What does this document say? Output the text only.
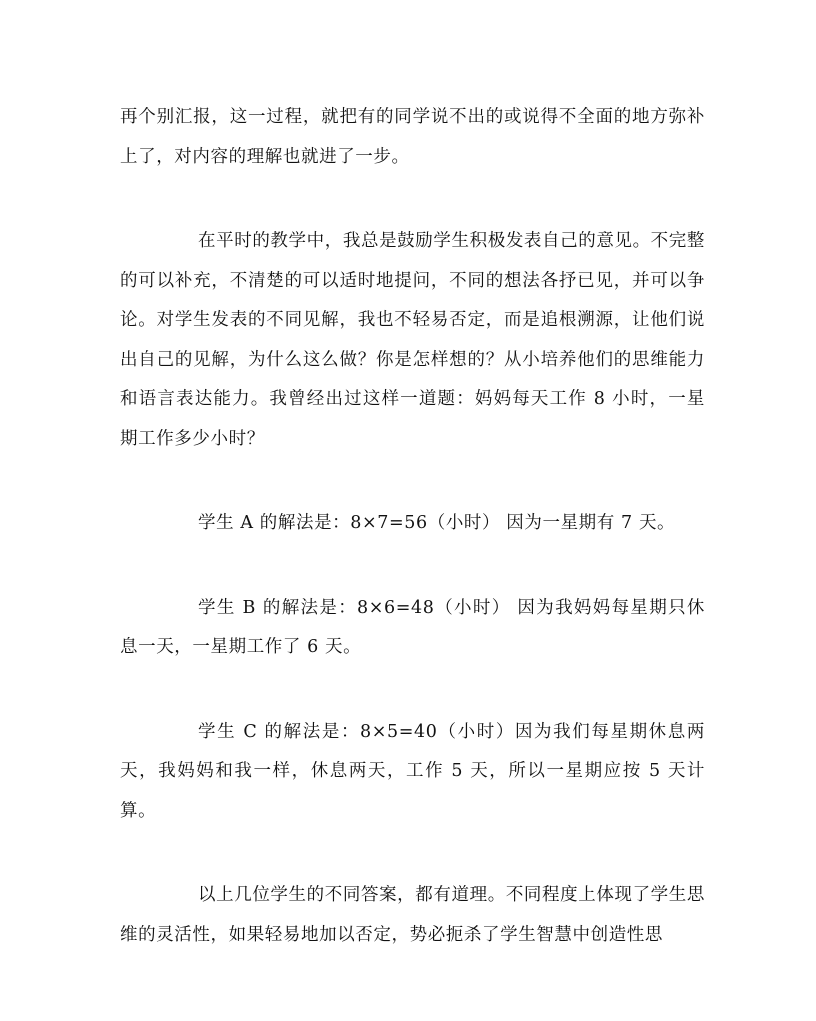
再个别汇报，这一过程，就把有的同学说不出的或说得不全面的地方弥补上了，对内容的理解也就进了一步。

在平时的教学中，我总是鼓励学生积极发表自己的意见。不完整的可以补充，不清楚的可以适时地提问，不同的想法各抒已见，并可以争论。对学生发表的不同见解，我也不轻易否定，而是追根溯源，让他们说出自己的见解，为什么这么做？你是怎样想的？从小培养他们的思维能力和语言表达能力。我曾经出过这样一道题：妈妈每天工作 8 小时，一星期工作多少小时？

学生 A 的解法是：8×7=56（小时） 因为一星期有 7 天。

学生 B 的解法是：8×6=48（小时） 因为我妈妈每星期只休息一天，一星期工作了 6 天。

学生 C 的解法是：8×5=40（小时）因为我们每星期休息两天，我妈妈和我一样，休息两天，工作 5 天，所以一星期应按 5 天计算。

以上几位学生的不同答案，都有道理。不同程度上体现了学生思维的灵活性，如果轻易地加以否定，势必扼杀了学生智慧中创造性思
